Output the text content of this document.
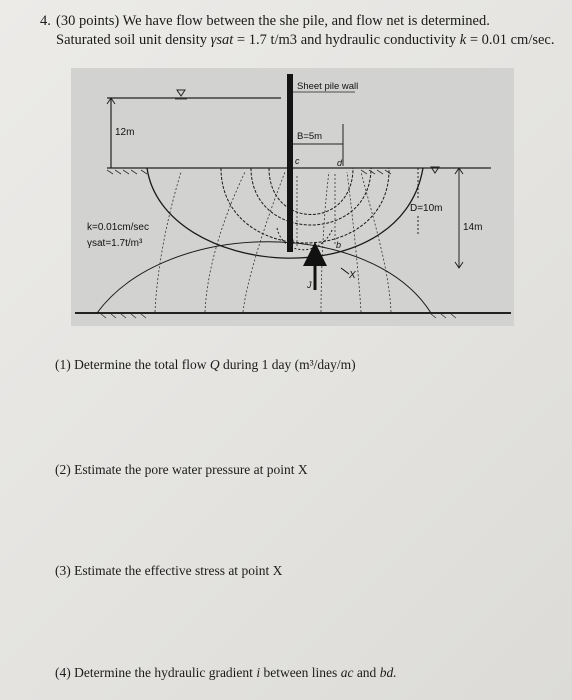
4. (30 points) We have flow between the she pile, and flow net is determined.
Saturated soil unit density γsat = 1.7 t/m3 and hydraulic conductivity k = 0.01 cm/sec.
12m
D=10m
14m
Sheet pile wall
B=5m
c	d
a	b
J
X
k=0.01cm/sec
γsat=1.7t/m³
(1) Determine the total flow Q during 1 day (m³/day/m)
(2) Estimate the pore water pressure at point X
(3) Estimate the effective stress at point X
(4) Determine the hydraulic gradient i between lines ac and bd.
